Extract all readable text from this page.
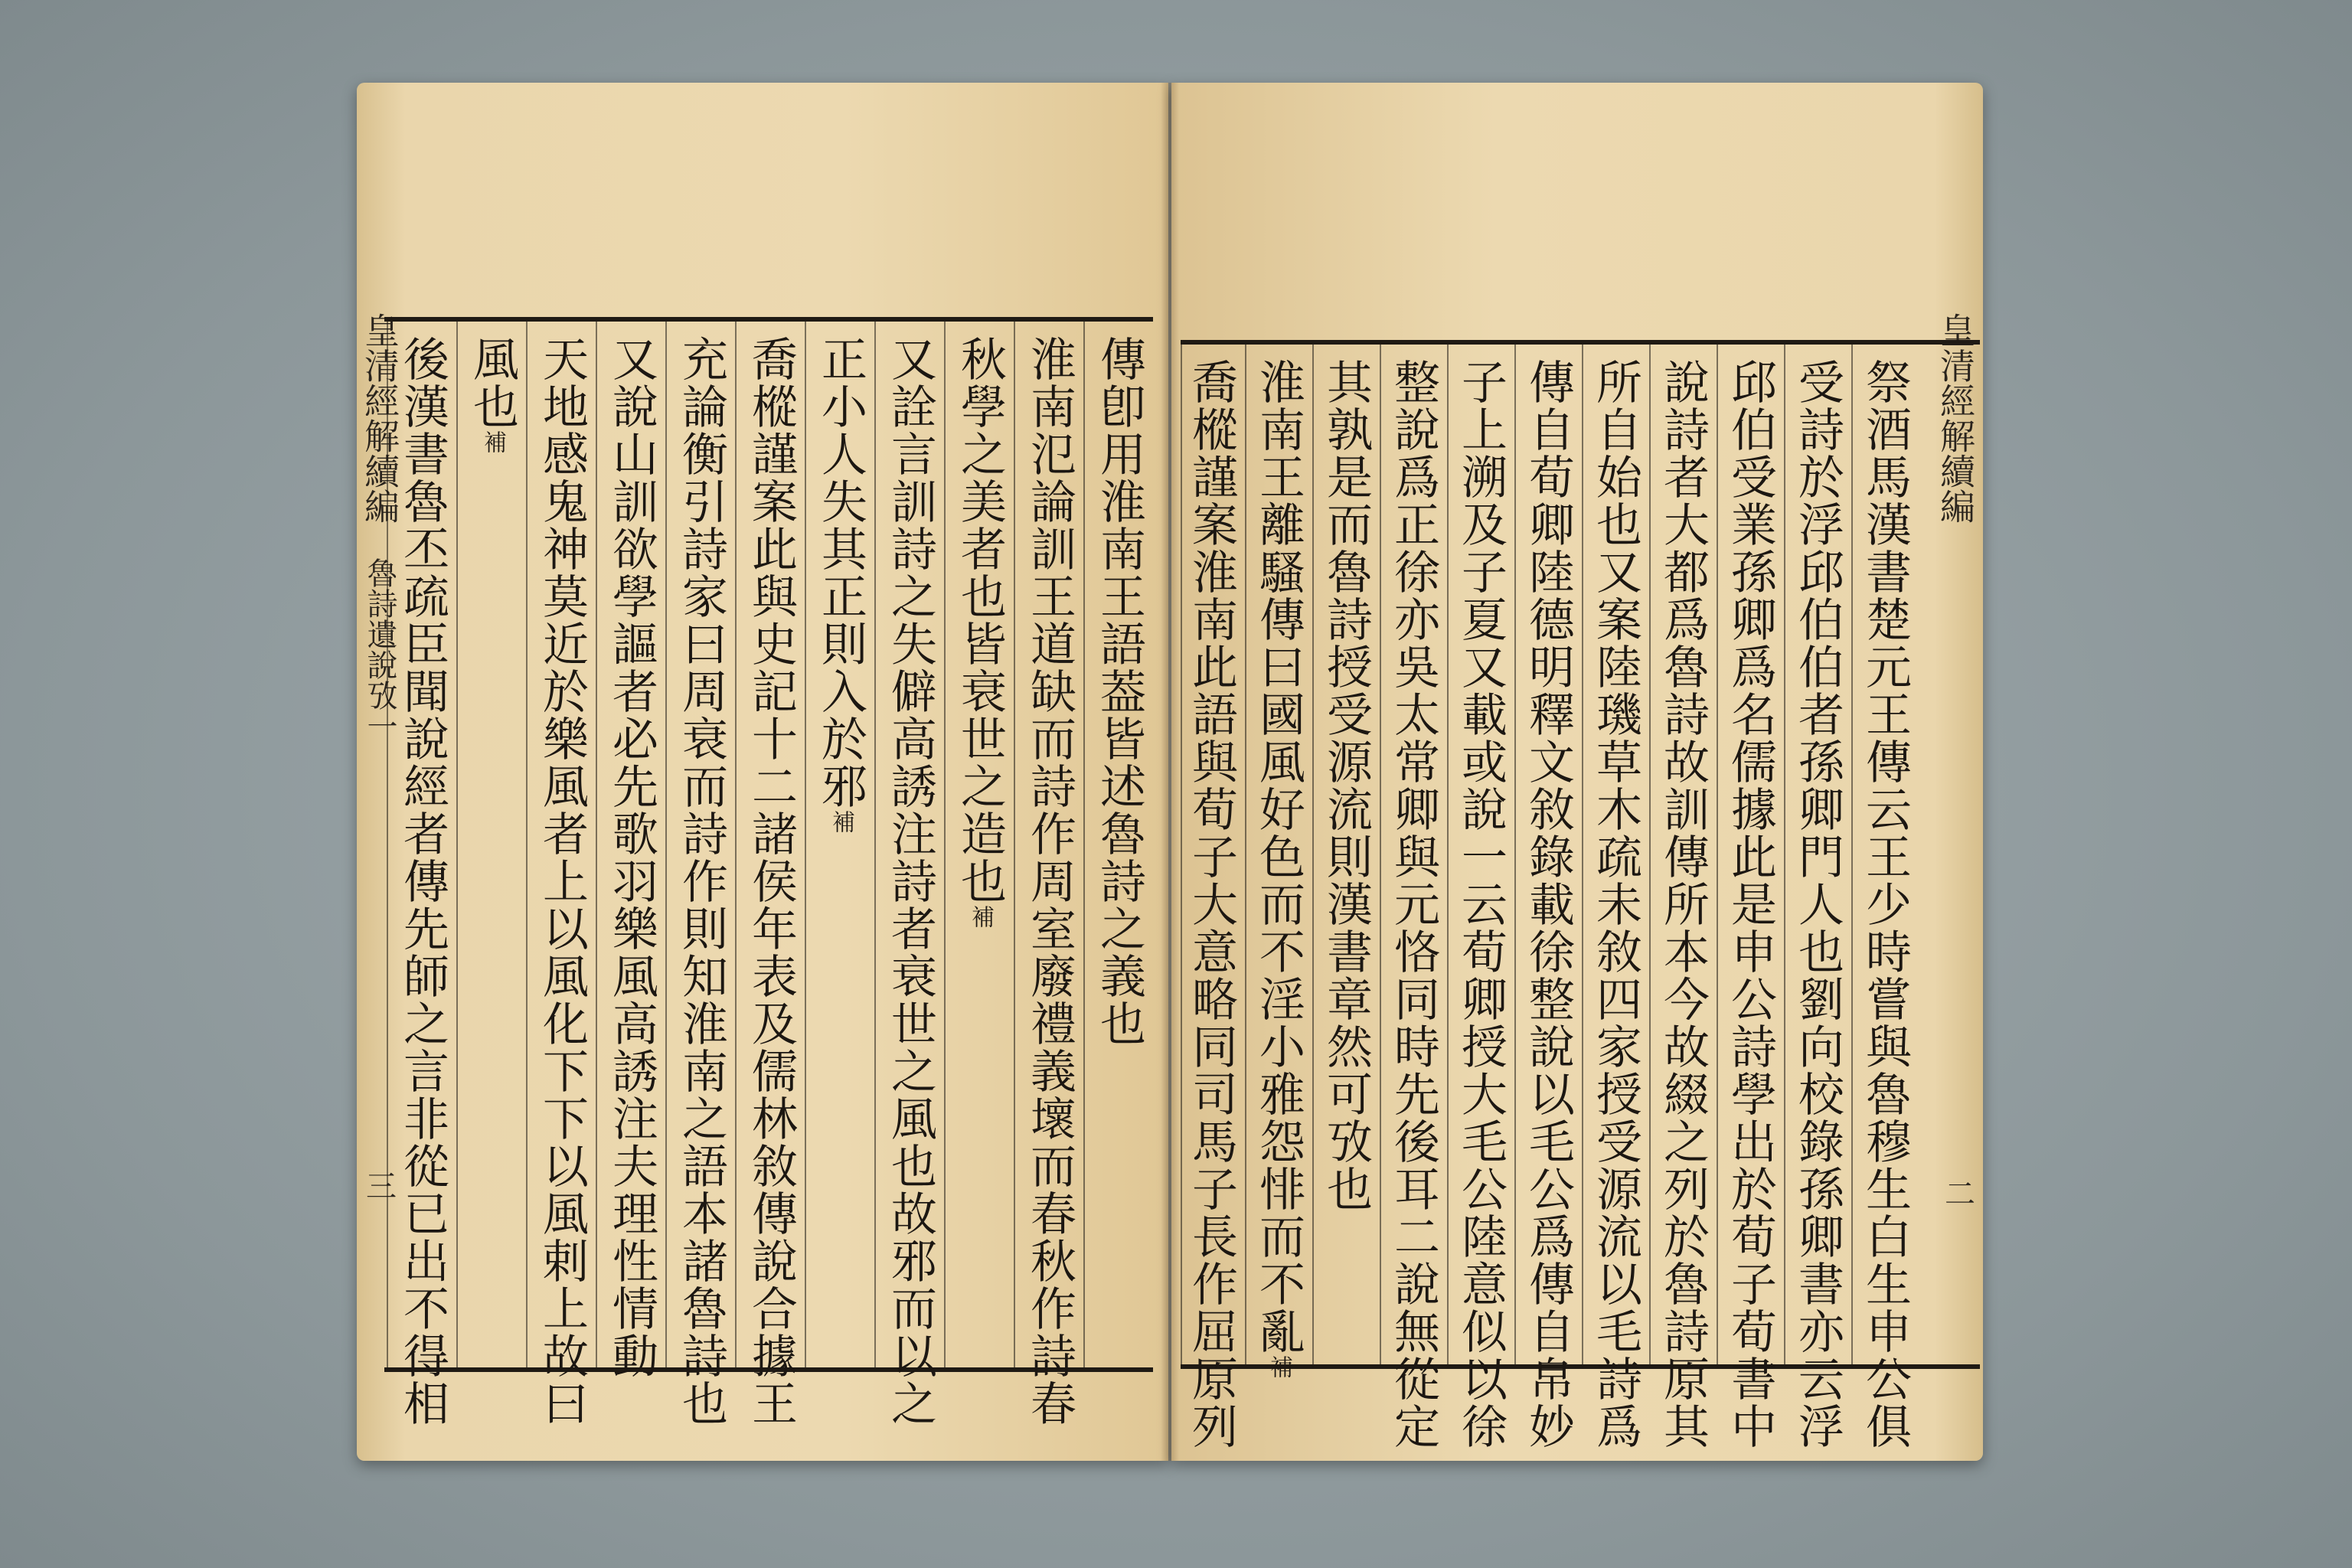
皇清經解續編
魯詩遺說攷一
三
傳卽用淮南王語葢皆述魯詩之義也
淮南氾論訓王道缺而詩作周室廢禮義壞而春秋作詩春
秋學之美者也皆衰世之造也補
又詮言訓詩之失僻高誘注詩者衰世之風也故邪而以之
正小人失其正則入於邪補
喬樅謹案此與史記十二諸侯年表及儒林敘傳說合據王
充論衡引詩家曰周衰而詩作則知淮南之語本諸魯詩也
又說山訓欲學謳者必先歌羽樂風高誘注夫理性情動
天地感鬼神莫近於樂風者上以風化下下以風剌上故曰
風也補
後漢書魯丕疏臣聞說經者傳先師之言非從已出不得相	皇清經解續編
二
祭酒馬漢書楚元王傳云王少時嘗與魯穆生白生申公俱
受詩於浮邱伯伯者孫卿門人也劉向校錄孫卿書亦云浮
邱伯受業孫卿爲名儒據此是申公詩學出於荀子荀書中
說詩者大都爲魯詩故訓傳所本今故綴之列於魯詩原其
所自始也又案陸璣草木疏未敘四家授受源流以毛詩爲
傳自荀卿陸德明釋文敘錄載徐整說以毛公爲傳自帛妙
子上溯及子夏又載或說一云荀卿授大毛公陸意似以徐
整說爲正徐亦吳太常卿與元恪同時先後耳二說無從定
其孰是而魯詩授受源流則漢書章然可攷也
淮南王離騷傳曰國風好色而不淫小雅怨悱而不亂補
喬樅謹案淮南此語與荀子大意略同司馬子長作屈原列
